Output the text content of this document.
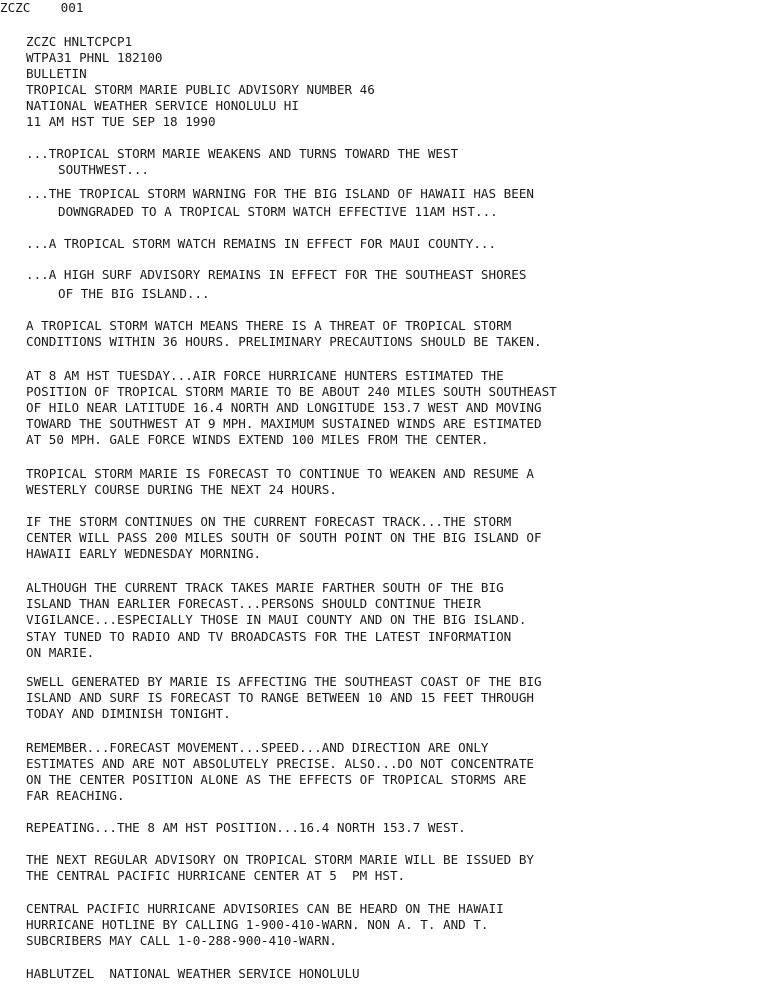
ZCZC    001
ZCZC HNLTCPCP1
WTPA31 PHNL 182100
BULLETIN
TROPICAL STORM MARIE PUBLIC ADVISORY NUMBER 46
NATIONAL WEATHER SERVICE HONOLULU HI
11 AM HST TUE SEP 18 1990
...TROPICAL STORM MARIE WEAKENS AND TURNS TOWARD THE WEST
SOUTHWEST...
...THE TROPICAL STORM WARNING FOR THE BIG ISLAND OF HAWAII HAS BEEN
DOWNGRADED TO A TROPICAL STORM WATCH EFFECTIVE 11AM HST...
...A TROPICAL STORM WATCH REMAINS IN EFFECT FOR MAUI COUNTY...
...A HIGH SURF ADVISORY REMAINS IN EFFECT FOR THE SOUTHEAST SHORES
OF THE BIG ISLAND...
A TROPICAL STORM WATCH MEANS THERE IS A THREAT OF TROPICAL STORM
CONDITIONS WITHIN 36 HOURS. PRELIMINARY PRECAUTIONS SHOULD BE TAKEN.
AT 8 AM HST TUESDAY...AIR FORCE HURRICANE HUNTERS ESTIMATED THE
POSITION OF TROPICAL STORM MARIE TO BE ABOUT 240 MILES SOUTH SOUTHEAST
OF HILO NEAR LATITUDE 16.4 NORTH AND LONGITUDE 153.7 WEST AND MOVING
TOWARD THE SOUTHWEST AT 9 MPH. MAXIMUM SUSTAINED WINDS ARE ESTIMATED
AT 50 MPH. GALE FORCE WINDS EXTEND 100 MILES FROM THE CENTER.
TROPICAL STORM MARIE IS FORECAST TO CONTINUE TO WEAKEN AND RESUME A
WESTERLY COURSE DURING THE NEXT 24 HOURS.
IF THE STORM CONTINUES ON THE CURRENT FORECAST TRACK...THE STORM
CENTER WILL PASS 200 MILES SOUTH OF SOUTH POINT ON THE BIG ISLAND OF
HAWAII EARLY WEDNESDAY MORNING.
ALTHOUGH THE CURRENT TRACK TAKES MARIE FARTHER SOUTH OF THE BIG
ISLAND THAN EARLIER FORECAST...PERSONS SHOULD CONTINUE THEIR
VIGILANCE...ESPECIALLY THOSE IN MAUI COUNTY AND ON THE BIG ISLAND.
STAY TUNED TO RADIO AND TV BROADCASTS FOR THE LATEST INFORMATION
ON MARIE.
SWELL GENERATED BY MARIE IS AFFECTING THE SOUTHEAST COAST OF THE BIG
ISLAND AND SURF IS FORECAST TO RANGE BETWEEN 10 AND 15 FEET THROUGH
TODAY AND DIMINISH TONIGHT.
REMEMBER...FORECAST MOVEMENT...SPEED...AND DIRECTION ARE ONLY
ESTIMATES AND ARE NOT ABSOLUTELY PRECISE. ALSO...DO NOT CONCENTRATE
ON THE CENTER POSITION ALONE AS THE EFFECTS OF TROPICAL STORMS ARE
FAR REACHING.
REPEATING...THE 8 AM HST POSITION...16.4 NORTH 153.7 WEST.
THE NEXT REGULAR ADVISORY ON TROPICAL STORM MARIE WILL BE ISSUED BY
THE CENTRAL PACIFIC HURRICANE CENTER AT 5  PM HST.
CENTRAL PACIFIC HURRICANE ADVISORIES CAN BE HEARD ON THE HAWAII
HURRICANE HOTLINE BY CALLING 1-900-410-WARN. NON A. T. AND T.
SUBCRIBERS MAY CALL 1-0-288-900-410-WARN.
HABLUTZEL  NATIONAL WEATHER SERVICE HONOLULU
